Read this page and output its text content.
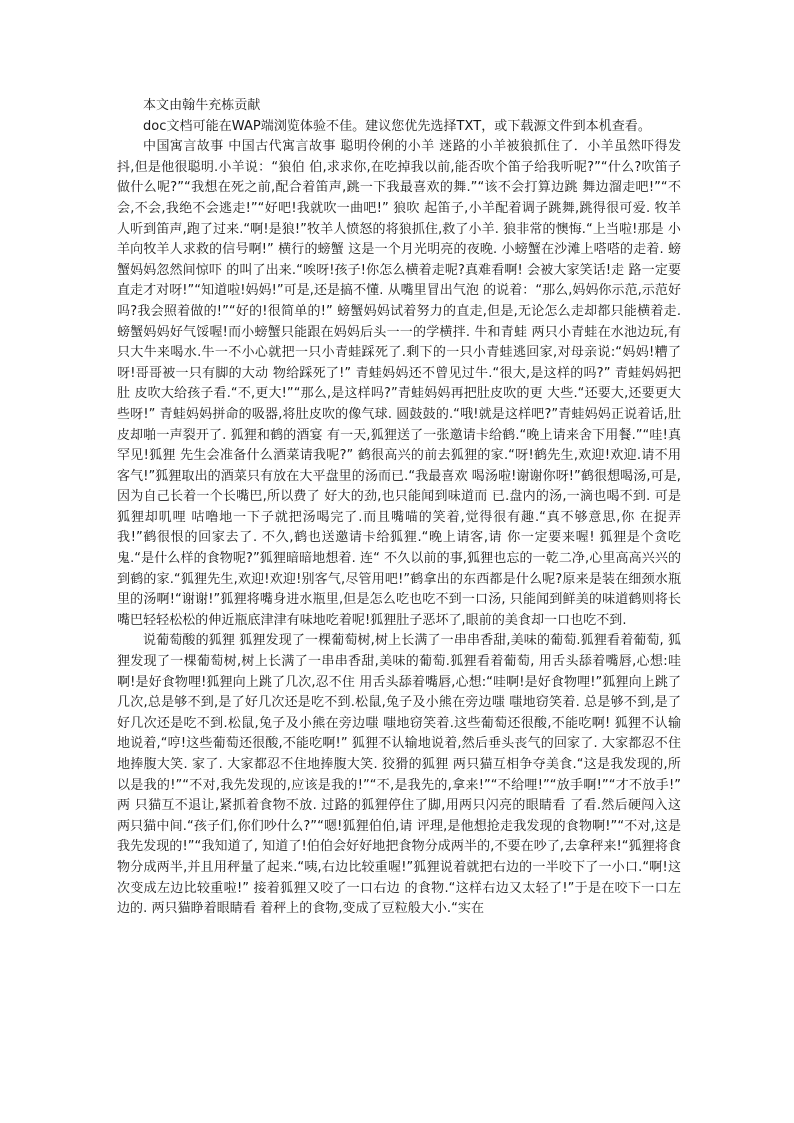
本文由翰牛充栋贡献

doc文档可能在WAP端浏览体验不佳。建议您优先选择TXT，或下载源文件到本机查看。

中国寓言故事 中国古代寓言故事 聪明伶俐的小羊 迷路的小羊被狼抓住了．小羊虽然吓得发抖,但是他很聪明.小羊说：“狼伯 伯,求求你,在吃掉我以前,能否吹个笛子给我听呢?”“什么?吹笛子做什么呢?”“我想在死之前,配合着笛声,跳一下我最喜欢的舞.”“该不会打算边跳 舞边溜走吧!”“不会,不会,我绝不会逃走!”“好吧!我就吹一曲吧!” 狼吹 起笛子,小羊配着调子跳舞,跳得很可爱. 牧羊人听到笛声,跑了过来.“啊!是狼!”牧羊人愤怒的将狼抓住,救了小羊. 狼非常的懊悔.“上当啦!那是 小羊向牧羊人求救的信号啊!” 横行的螃蟹 这是一个月光明亮的夜晚. 小螃蟹在沙滩上嗒嗒的走着. 螃蟹妈妈忽然间惊吓 的叫了出来.“唉呀!孩子!你怎么横着走呢?真难看啊! 会被大家笑话!走 路一定要直走才对呀!”“知道啦!妈妈!”可是,还是搞不懂. 从嘴里冒出气泡 的说着：“那么,妈妈你示范,示范好吗?我会照着做的!”“好的!很简单的!” 螃蟹妈妈试着努力的直走,但是,无论怎么走却都只能横着走. 螃蟹妈妈好气馁喔!而小螃蟹只能跟在妈妈后头一一的学横拌. 牛和青蛙 两只小青蛙在水池边玩,有只大牛来喝水.牛一不小心就把一只小青蛙踩死了.剩下的一只小青蛙逃回家,对母亲说:“妈妈!糟了呀!哥哥被一只有脚的大动 物给踩死了!” 青蛙妈妈还不曾见过牛.“很大,是这样的吗?” 青蛙妈妈把肚 皮吹大给孩子看.“不,更大!”“那么,是这样吗?”青蛙妈妈再把肚皮吹的更 大些.“还要大,还要更大些呀!” 青蛙妈妈拼命的吸器,将肚皮吹的像气球. 圆鼓鼓的.“哦!就是这样吧?”青蛙妈妈正说着话,肚皮却啪一声裂开了. 狐狸和鹤的酒宴 有一天,狐狸送了一张邀请卡给鹤.“晚上请来舍下用餐.”“哇!真罕见!狐狸 先生会准备什么酒菜请我呢?” 鹤很高兴的前去狐狸的家.“呀!鹤先生,欢迎!欢迎.请不用客气!”狐狸取出的酒菜只有放在大平盘里的汤而已.“我最喜欢 喝汤啦!谢谢你呀!”鹤很想喝汤,可是,因为自己长着一个长嘴巴,所以费了 好大的劲,也只能闻到味道而 已.盘内的汤,一滴也喝不到. 可是狐狸却叽哩 咕噜地一下子就把汤喝完了.而且嘴喵的笑着,觉得很有趣.“真不够意思,你 在捉弄我!”鹤很恨的回家去了. 不久,鹤也送邀请卡给狐狸.“晚上请客,请 你一定要来喔! 狐狸是个贪吃鬼.“是什么样的食物呢?”狐狸暗暗地想着. 连“ 不久以前的事,狐狸也忘的一乾二净,心里高高兴兴的到鹤的家.“狐狸先生,欢迎!欢迎!别客气,尽管用吧!”鹤拿出的东西都是什么呢?原来是装在细颈水瓶里的汤啊!“谢谢!”狐狸将嘴身进水瓶里,但是怎么吃也吃不到一口汤, 只能闻到鲜美的味道鹤则将长嘴巴轻轻松松的伸近瓶底津津有味地吃着呢!狐狸肚子恶坏了,眼前的美食却一口也吃不到.

说葡萄酸的狐狸 狐狸发现了一棵葡萄树,树上长满了一串串香甜,美味的葡萄.狐狸看着葡萄, 狐狸发现了一棵葡萄树,树上长满了一串串香甜,美味的葡萄.狐狸看着葡萄, 用舌头舔着嘴唇,心想:哇啊!是好食物哩!狐狸向上跳了几次,忍不住 用舌头舔着嘴唇,心想:“哇啊!是好食物哩!”狐狸向上跳了几次,总是够不到,是了好几次还是吃不到.松鼠,兔子及小熊在旁边嗤 嗤地窃笑着. 总是够不到,是了好几次还是吃不到.松鼠,兔子及小熊在旁边嗤 嗤地窃笑着.这些葡萄还很酸,不能吃啊! 狐狸不认输地说着,“哼!这些葡萄还很酸,不能吃啊!” 狐狸不认输地说着,然后垂头丧气的回家了. 大家都忍不住地捧腹大笑. 家了. 大家都忍不住地捧腹大笑. 狡猾的狐狸 两只猫互相争夺美食.“这是我发现的,所以是我的!”“不对,我先发现的,应该是我的!”“不,是我先的,拿来!”“不给哩!”“放手啊!”“才不放手!” 两 只猫互不退让,紧抓着食物不放. 过路的狐狸停住了脚,用两只闪亮的眼睛看 了看.然后硬闯入这两只猫中间.“孩子们,你们吵什么?”“嗯!狐狸伯伯,请 评理,是他想抢走我发现的食物啊!”“不对,这是我先发现的!”“我知道了, 知道了!伯伯会好好地把食物分成两半的,不要在吵了,去拿秤来!“狐狸将食 物分成两半,并且用秤量了起来.“咦,右边比较重喔!”狐狸说着就把右边的一半咬下了一小口.“啊!这次变成左边比较重啦!” 接着狐狸又咬了一口右边 的食物.“这样右边又太轻了!”于是在咬下一口左边的. 两只猫睁着眼睛看 着秤上的食物,变成了豆粒般大小.“实在
